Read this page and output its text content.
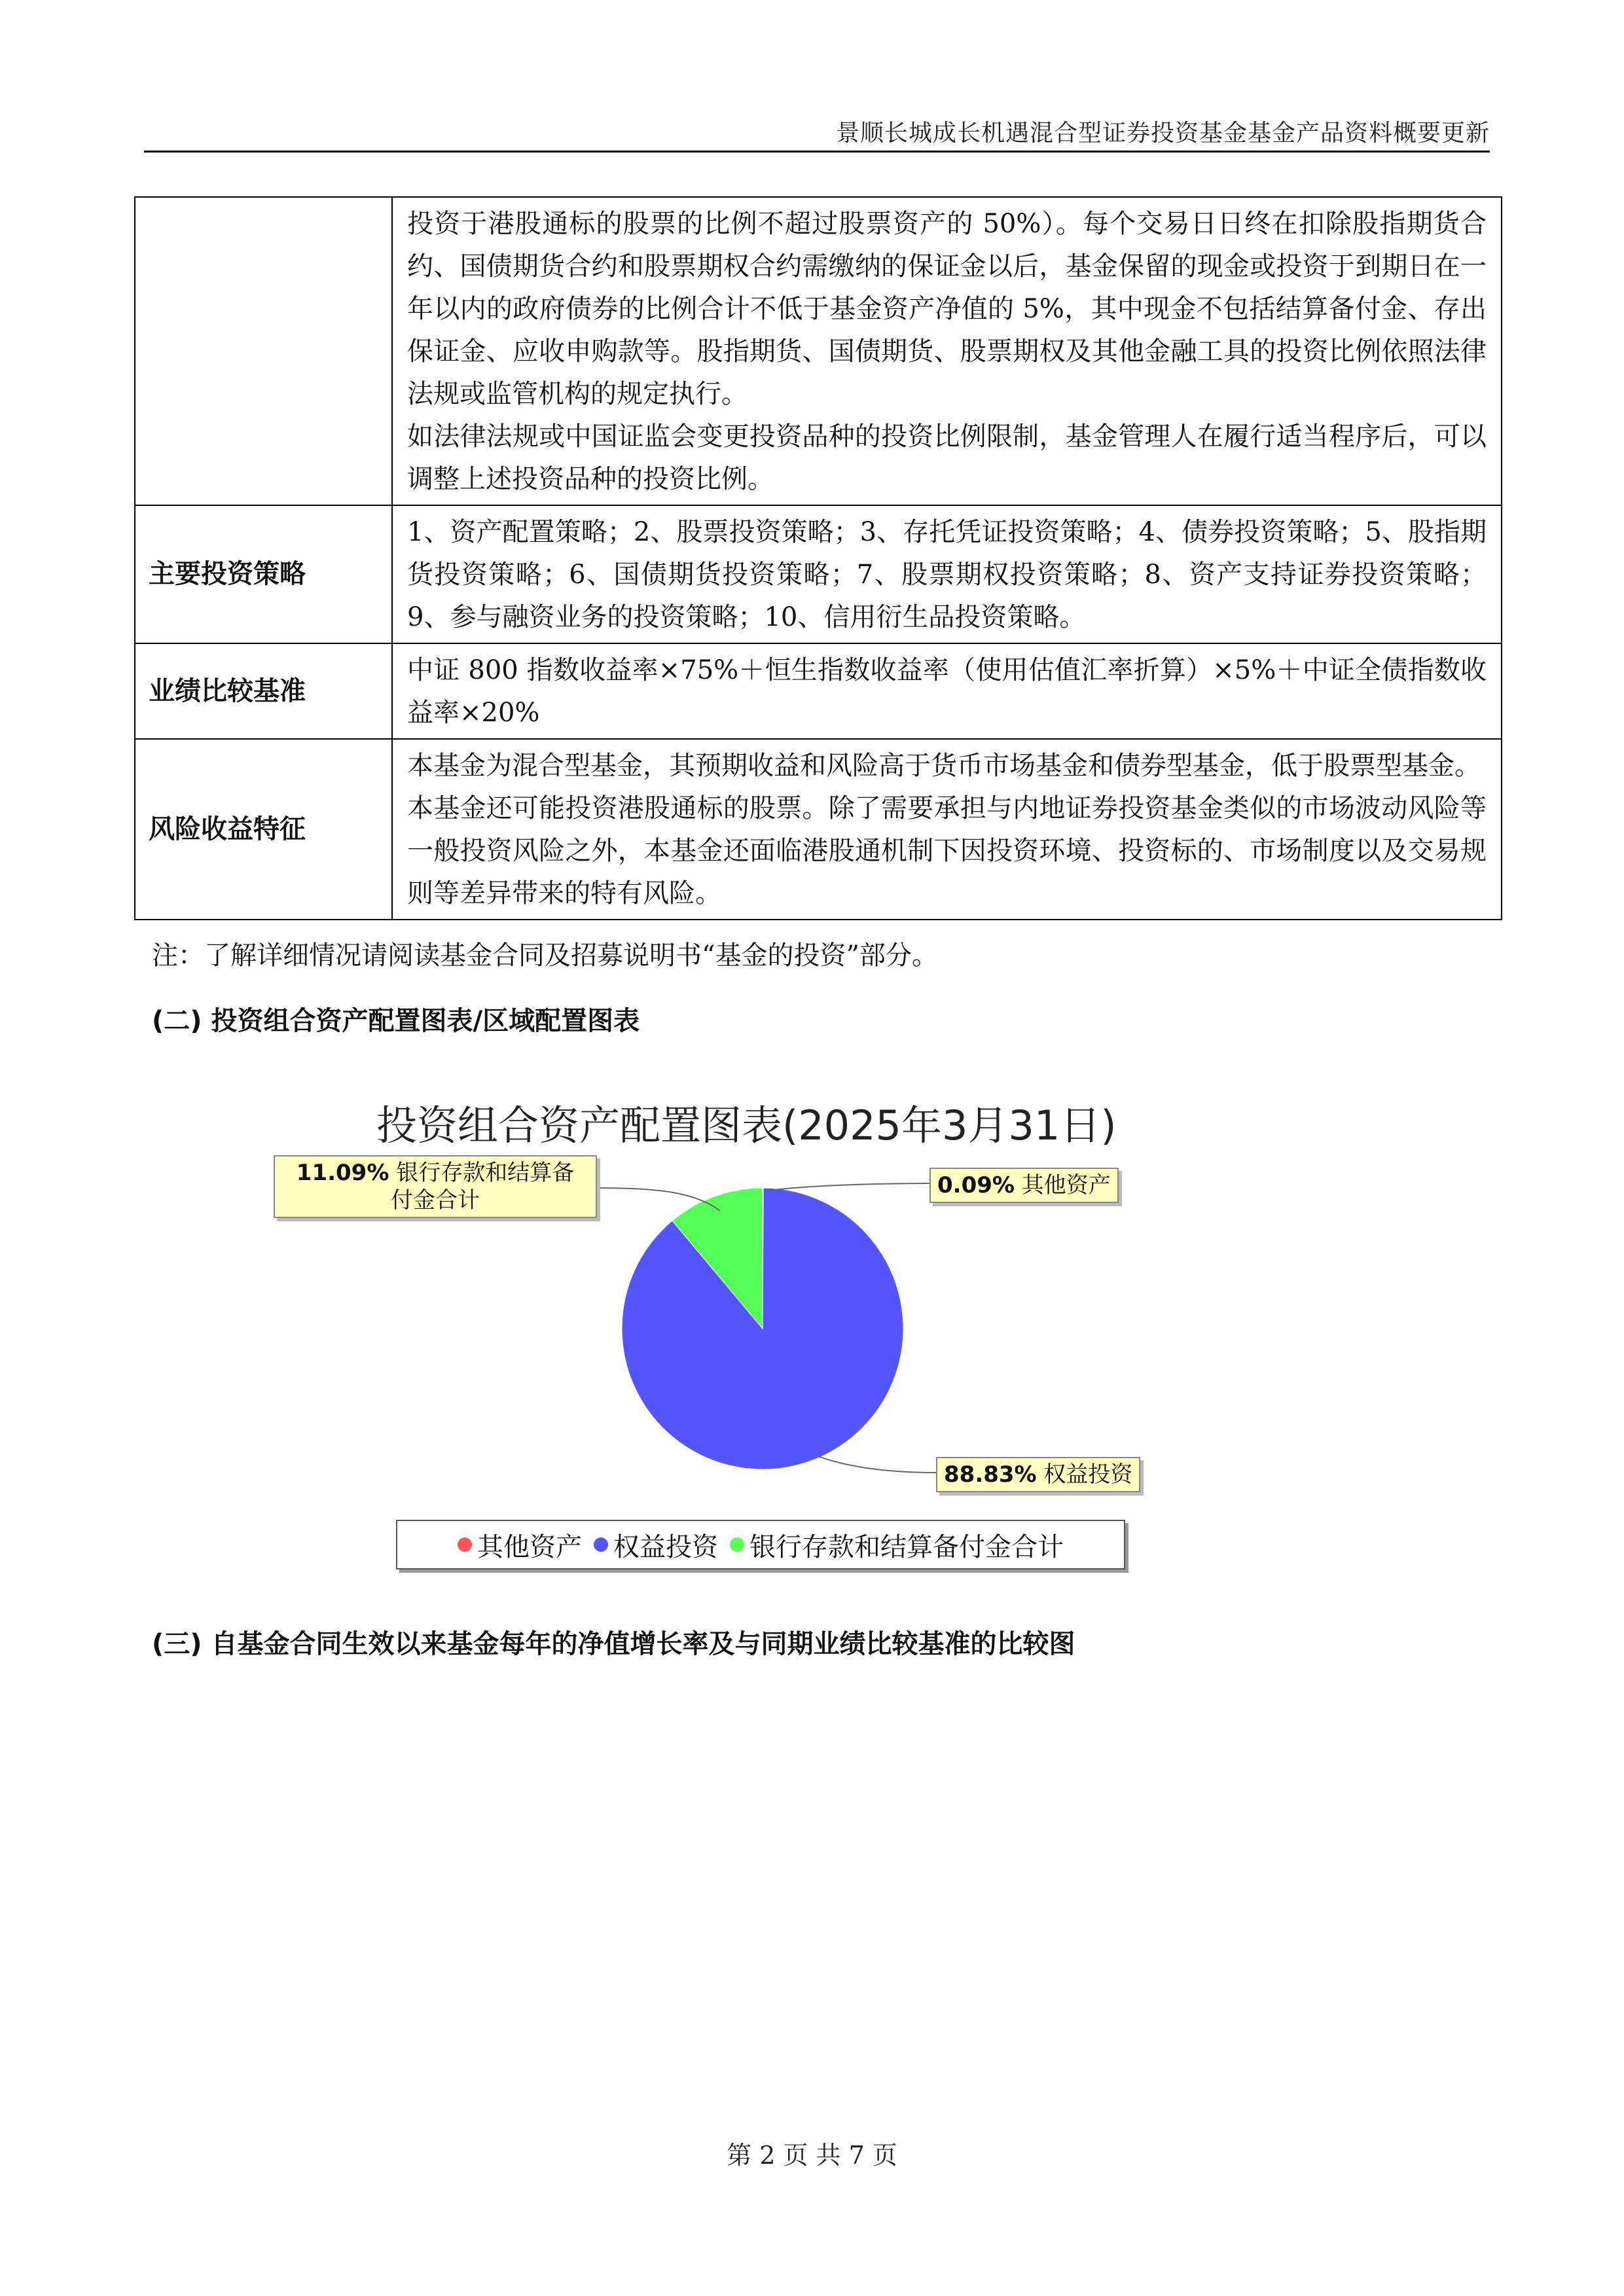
景顺长城成长机遇混合型证券投资基金基金产品资料概要更新

	投资于港股通标的股票的比例不超过股票资产的 50%）。每个交易日日终在扣除股指期货合约、国债期货合约和股票期权合约需缴纳的保证金以后，基金保留的现金或投资于到期日在一年以内的政府债券的比例合计不低于基金资产净值的 5%，其中现金不包括结算备付金、存出保证金、应收申购款等。股指期货、国债期货、股票期权及其他金融工具的投资比例依照法律法规或监管机构的规定执行。

如法律法规或中国证监会变更投资品种的投资比例限制，基金管理人在履行适当程序后，可以调整上述投资品种的投资比例。

主要投资策略	1、资产配置策略；2、股票投资策略；3、存托凭证投资策略；4、债券投资策略；5、股指期货投资策略；6、国债期货投资策略；7、股票期权投资策略；8、资产支持证券投资策略；9、参与融资业务的投资策略；10、信用衍生品投资策略。

业绩比较基准	中证 800 指数收益率×75%＋恒生指数收益率（使用估值汇率折算）×5%＋中证全债指数收益率×20%

风险收益特征	本基金为混合型基金，其预期收益和风险高于货币市场基金和债券型基金，低于股票型基金。

本基金还可能投资港股通标的股票。除了需要承担与内地证券投资基金类似的市场波动风险等一般投资风险之外，本基金还面临港股通机制下因投资环境、投资标的、市场制度以及交易规则等差异带来的特有风险。

注：了解详细情况请阅读基金合同及招募说明书“基金的投资”部分。
(二) 投资组合资产配置图表/区域配置图表
投资组合资产配置图表(2025年3月31日)
11.09% 银行存款和结算备
付金合计
0.09% 其他资产
88.83% 权益投资
其他资产 权益投资 银行存款和结算备付金合计
(三) 自基金合同生效以来基金每年的净值增长率及与同期业绩比较基准的比较图
第 2 页 共 7 页
